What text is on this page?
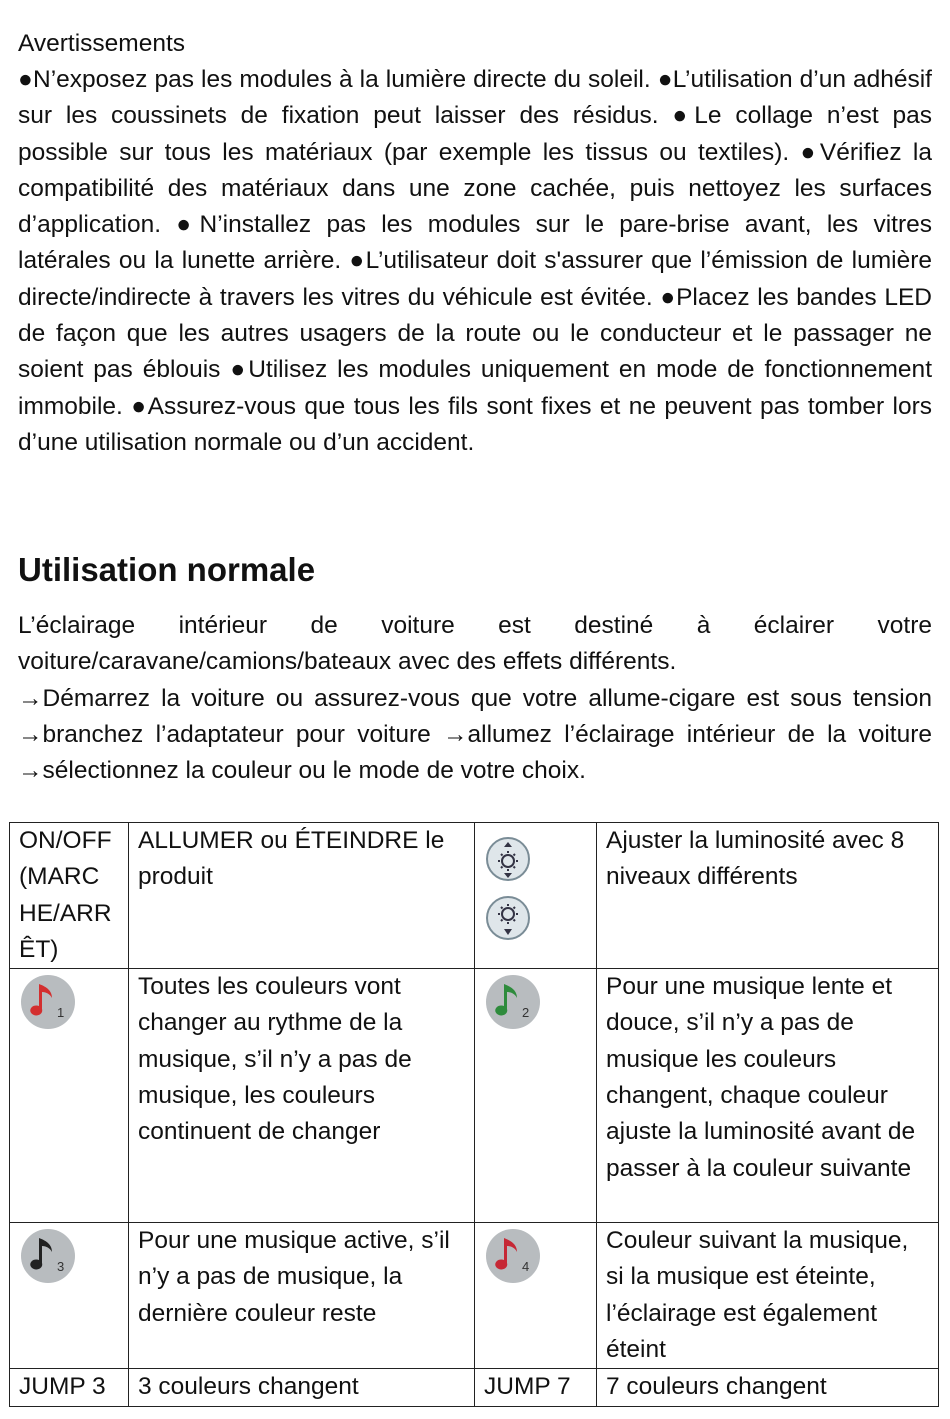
Avertissements

●N’exposez pas les modules à la lumière directe du soleil. ●L’utilisation d’un adhésif sur les coussinets de fixation peut laisser des résidus. ●Le collage n’est pas possible sur tous les matériaux (par exemple les tissus ou textiles). ●Vérifiez la compatibilité des matériaux dans une zone cachée, puis nettoyez les surfaces d’application. ●N’installez pas les modules sur le pare-brise avant, les vitres latérales ou la lunette arrière. ●L’utilisateur doit s'assurer que l’émission de lumière directe/indirecte à travers les vitres du véhicule est évitée. ●Placez les bandes LED de façon que les autres usagers de la route ou le conducteur et le passager ne soient pas éblouis ●Utilisez les modules uniquement en mode de fonctionnement immobile. ●Assurez-vous que tous les fils sont fixes et ne peuvent pas tomber lors d’une utilisation normale ou d’un accident.

Utilisation normale

L’éclairage intérieur de voiture est destiné à éclairer votre voiture/caravane/camions/bateaux avec des effets différents.

→Démarrez la voiture ou assurez-vous que votre allume-cigare est sous tension →branchez l’adaptateur pour voiture →allumez l’éclairage intérieur de la voiture →sélectionnez la couleur ou le mode de votre choix.

ON/OFF (MARC HE/ARR ÊT)	ALLUMER ou ÉTEINDRE le produit		Ajuster la luminosité avec 8 niveaux différents

1	Toutes les couleurs vont changer au rythme de la musique, s’il n’y a pas de musique, les couleurs continuent de changer	2	Pour une musique lente et douce, s’il n’y a pas de musique les couleurs changent, chaque couleur ajuste la luminosité avant de passer à la couleur suivante

3	Pour une musique active, s’il n’y a pas de musique, la dernière couleur reste	4	Couleur suivant la musique, si la musique est éteinte, l’éclairage est également éteint
JUMP 3	3 couleurs changent	JUMP 7	7 couleurs changent
